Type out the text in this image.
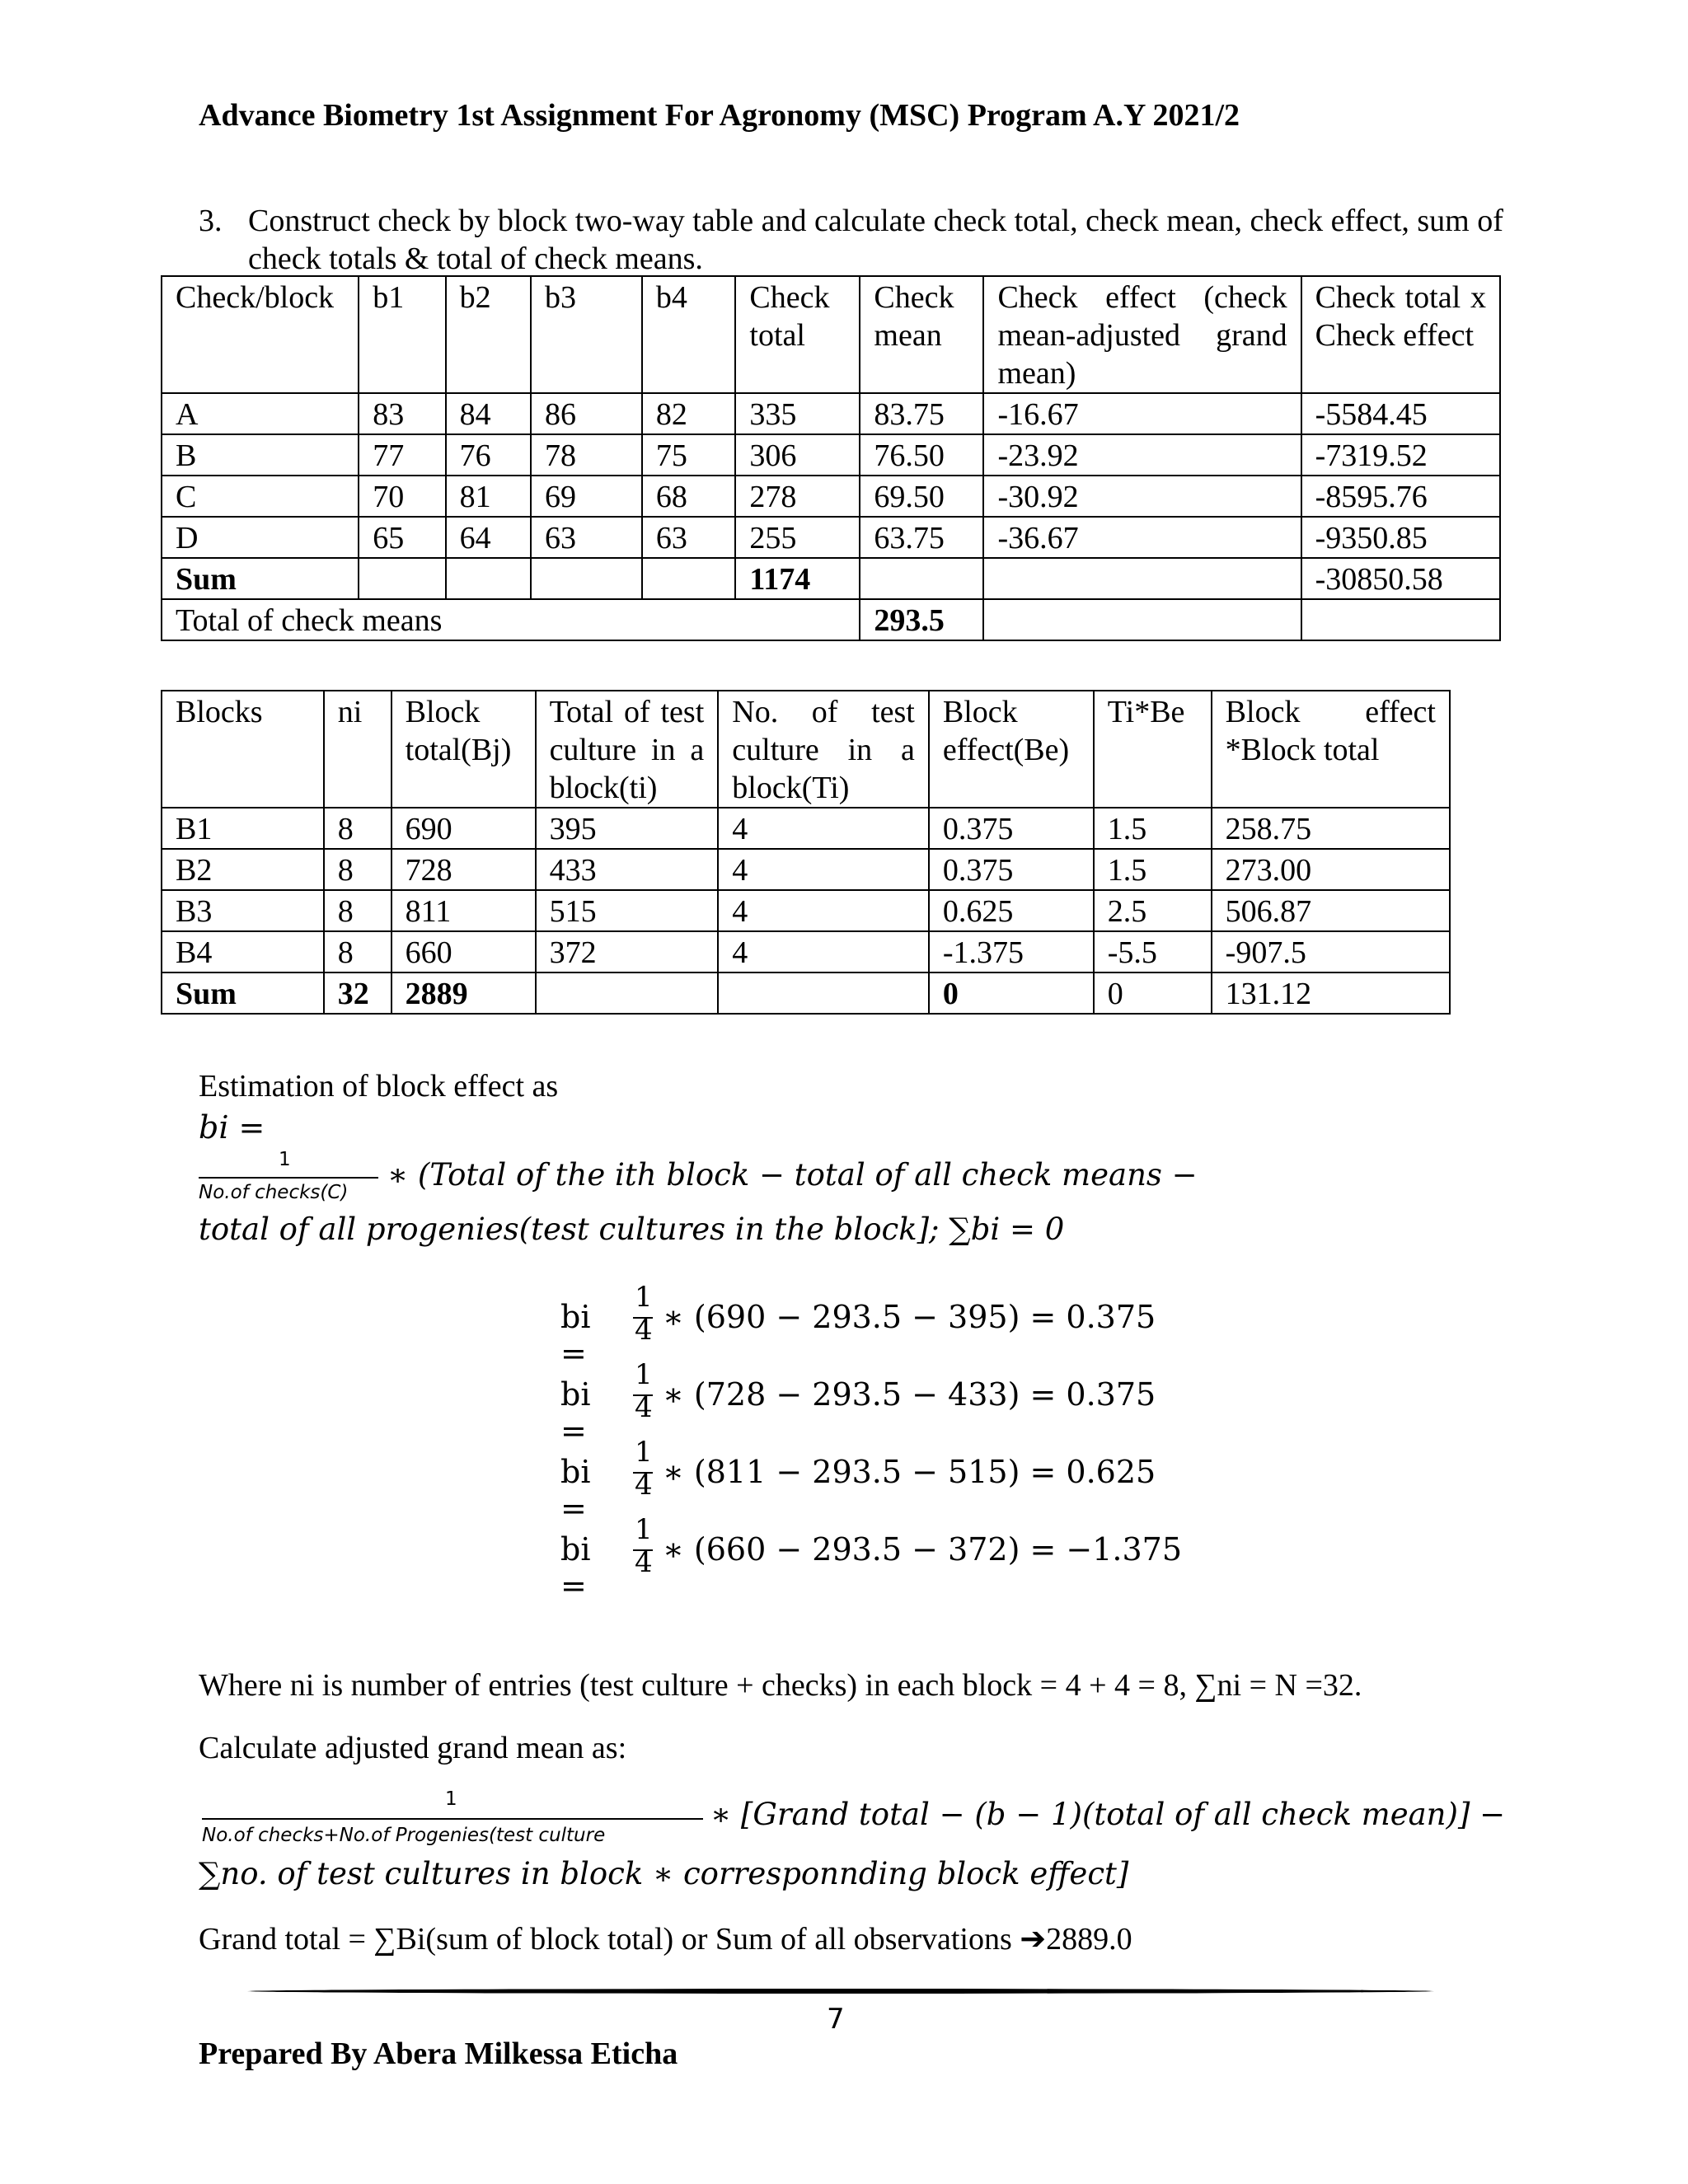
Advance Biometry 1st Assignment For Agronomy (MSC) Program A.Y 2021/2
3. Construct check by block two-way table and calculate check total, check mean, check effect, sum of check totals & total of check means.
Check/block	b1	b2	b3	b4	Check total	Check mean	Check effect (check mean-adjusted grand mean)	Check total x Check effect
A	83	84	86	82	335	83.75	-16.67	-5584.45
B	77	76	78	75	306	76.50	-23.92	-7319.52
C	70	81	69	68	278	69.50	-30.92	-8595.76
D	65	64	63	63	255	63.75	-36.67	-9350.85
Sum					1174			-30850.58
Total of check means						293.5		
Blocks	ni	Block total(Bj)	Total of test culture in a block(ti)	No. of test culture in a block(Ti)	Block effect(Be)	Ti*Be	Block effect *Block total
B1	8	690	395	4	0.375	1.5	258.75
B2	8	728	433	4	0.375	1.5	273.00
B3	8	811	515	4	0.625	2.5	506.87
B4	8	660	372	4	-1.375	-5.5	-907.5
Sum	32	2889			0	0	131.12
Estimation of block effect as
bi =
1
No.of checks(C) ∗ (Total of the ith block − total of all check means −
total of all progenies(test cultures in the block]; ∑bi = 0
bi =
1
4 ∗ (690 − 293.5 − 395) = 0.375
bi =
1
4 ∗ (728 − 293.5 − 433) = 0.375
bi =
1
4 ∗ (811 − 293.5 − 515) = 0.625
bi =
1
4 ∗ (660 − 293.5 − 372) = −1.375
Where ni is number of entries (test culture + checks) in each block = 4 + 4 = 8, ∑ni = N =32.
Calculate adjusted grand mean as:
1
No.of checks+No.of Progenies(test culture
∗ [Grand total − (b − 1)(total of all check mean)] −
∑no. of test cultures in block ∗ corresponnding block effect]
Grand total = ∑Bi(sum of block total) or Sum of all observations ➔2889.0
7
Prepared By Abera Milkessa Eticha
